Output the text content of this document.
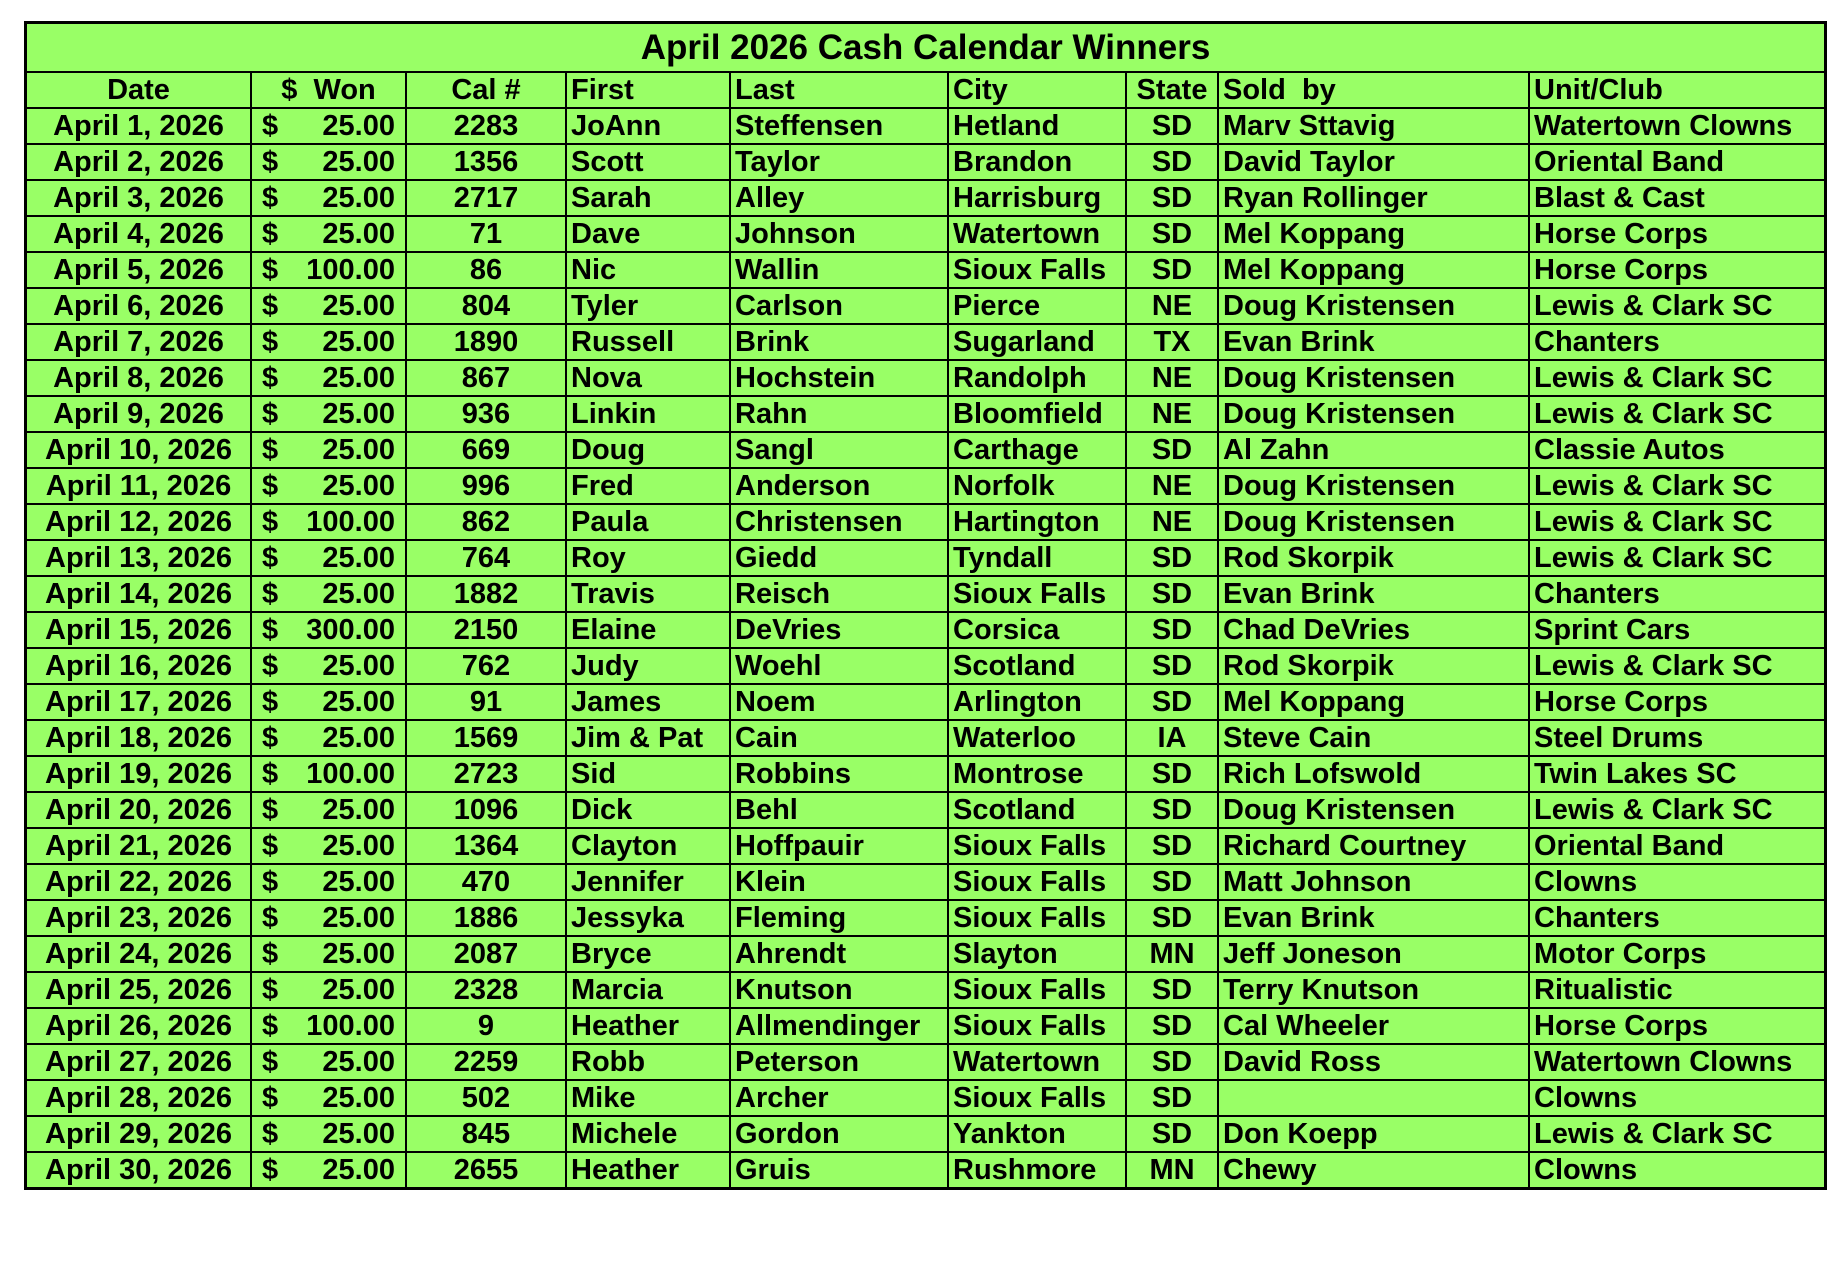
April 2026 Cash Calendar Winners
Date	$  Won	Cal #	First	Last	City	State	Sold  by	Unit/Club
April 1, 2026	$ 25.00	2283	JoAnn	Steffensen	Hetland	SD	Marv Sttavig	Watertown Clowns
April 2, 2026	$ 25.00	1356	Scott	Taylor	Brandon	SD	David Taylor	Oriental Band
April 3, 2026	$ 25.00	2717	Sarah	Alley	Harrisburg	SD	Ryan Rollinger	Blast & Cast
April 4, 2026	$ 25.00	71	Dave	Johnson	Watertown	SD	Mel Koppang	Horse Corps
April 5, 2026	$ 100.00	86	Nic	Wallin	Sioux Falls	SD	Mel Koppang	Horse Corps
April 6, 2026	$ 25.00	804	Tyler	Carlson	Pierce	NE	Doug Kristensen	Lewis & Clark SC
April 7, 2026	$ 25.00	1890	Russell	Brink	Sugarland	TX	Evan Brink	Chanters
April 8, 2026	$ 25.00	867	Nova	Hochstein	Randolph	NE	Doug Kristensen	Lewis & Clark SC
April 9, 2026	$ 25.00	936	Linkin	Rahn	Bloomfield	NE	Doug Kristensen	Lewis & Clark SC
April 10, 2026	$ 25.00	669	Doug	Sangl	Carthage	SD	Al Zahn	Classie Autos
April 11, 2026	$ 25.00	996	Fred	Anderson	Norfolk	NE	Doug Kristensen	Lewis & Clark SC
April 12, 2026	$ 100.00	862	Paula	Christensen	Hartington	NE	Doug Kristensen	Lewis & Clark SC
April 13, 2026	$ 25.00	764	Roy	Giedd	Tyndall	SD	Rod Skorpik	Lewis & Clark SC
April 14, 2026	$ 25.00	1882	Travis	Reisch	Sioux Falls	SD	Evan Brink	Chanters
April 15, 2026	$ 300.00	2150	Elaine	DeVries	Corsica	SD	Chad DeVries	Sprint Cars
April 16, 2026	$ 25.00	762	Judy	Woehl	Scotland	SD	Rod Skorpik	Lewis & Clark SC
April 17, 2026	$ 25.00	91	James	Noem	Arlington	SD	Mel Koppang	Horse Corps
April 18, 2026	$ 25.00	1569	Jim & Pat	Cain	Waterloo	IA	Steve Cain	Steel Drums
April 19, 2026	$ 100.00	2723	Sid	Robbins	Montrose	SD	Rich Lofswold	Twin Lakes SC
April 20, 2026	$ 25.00	1096	Dick	Behl	Scotland	SD	Doug Kristensen	Lewis & Clark SC
April 21, 2026	$ 25.00	1364	Clayton	Hoffpauir	Sioux Falls	SD	Richard Courtney	Oriental Band
April 22, 2026	$ 25.00	470	Jennifer	Klein	Sioux Falls	SD	Matt Johnson	Clowns
April 23, 2026	$ 25.00	1886	Jessyka	Fleming	Sioux Falls	SD	Evan Brink	Chanters
April 24, 2026	$ 25.00	2087	Bryce	Ahrendt	Slayton	MN	Jeff Joneson	Motor Corps
April 25, 2026	$ 25.00	2328	Marcia	Knutson	Sioux Falls	SD	Terry Knutson	Ritualistic
April 26, 2026	$ 100.00	9	Heather	Allmendinger	Sioux Falls	SD	Cal Wheeler	Horse Corps
April 27, 2026	$ 25.00	2259	Robb	Peterson	Watertown	SD	David Ross	Watertown Clowns
April 28, 2026	$ 25.00	502	Mike	Archer	Sioux Falls	SD		Clowns
April 29, 2026	$ 25.00	845	Michele	Gordon	Yankton	SD	Don Koepp	Lewis & Clark SC
April 30, 2026	$ 25.00	2655	Heather	Gruis	Rushmore	MN	Chewy	Clowns
